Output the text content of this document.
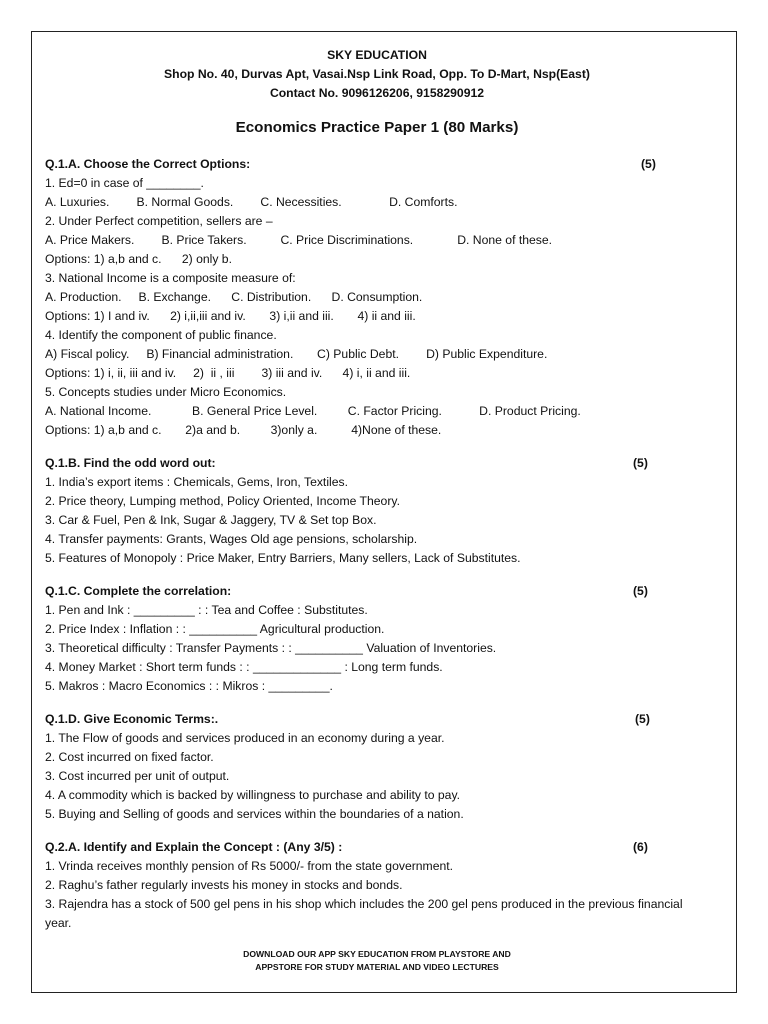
SKY EDUCATION
Shop No. 40, Durvas Apt, Vasai.Nsp Link Road, Opp. To D-Mart, Nsp(East)
Contact No. 9096126206, 9158290912
Economics Practice Paper 1 (80 Marks)
Q.1.A. Choose the Correct Options:	(5)
1. Ed=0 in case of ________.
A. Luxuries.        B. Normal Goods.        C. Necessities.              D. Comforts.
2. Under Perfect competition, sellers are –
A. Price Makers.        B. Price Takers.          C. Price Discriminations.             D. None of these.
Options: 1) a,b and c.      2) only b.
3. National Income is a composite measure of:
A. Production.     B. Exchange.      C. Distribution.      D. Consumption.
Options: 1) I and iv.      2) i,ii,iii and iv.       3) i,ii and iii.       4) ii and iii.
4. Identify the component of public finance.
A) Fiscal policy.     B) Financial administration.       C) Public Debt.        D) Public Expenditure.
Options: 1) i, ii, iii and iv.     2)  ii , iii        3) iii and iv.      4) i, ii and iii.
5. Concepts studies under Micro Economics.
A. National Income.            B. General Price Level.         C. Factor Pricing.           D. Product Pricing.
Options: 1) a,b and c.       2)a and b.         3)only a.          4)None of these.
Q.1.B. Find the odd word out:	(5)
1. India’s export items : Chemicals, Gems, Iron, Textiles.
2. Price theory, Lumping method, Policy Oriented, Income Theory.
3. Car & Fuel, Pen & Ink, Sugar & Jaggery, TV & Set top Box.
4. Transfer payments: Grants, Wages Old age pensions, scholarship.
5. Features of Monopoly : Price Maker, Entry Barriers, Many sellers, Lack of Substitutes.
Q.1.C. Complete the correlation:	(5)
1. Pen and Ink : _________ : : Tea and Coffee : Substitutes.
2. Price Index : Inflation : : __________ Agricultural production.
3. Theoretical difficulty : Transfer Payments : : __________ Valuation of Inventories.
4. Money Market : Short term funds : : _____________ : Long term funds.
5. Makros : Macro Economics : : Mikros : _________.
Q.1.D. Give Economic Terms:.	(5)
1. The Flow of goods and services produced in an economy during a year.
2. Cost incurred on fixed factor.
3. Cost incurred per unit of output.
4. A commodity which is backed by willingness to purchase and ability to pay.
5. Buying and Selling of goods and services within the boundaries of a nation.
Q.2.A. Identify and Explain the Concept : (Any 3/5) :	(6)
1. Vrinda receives monthly pension of Rs 5000/- from the state government.
2. Raghu’s father regularly invests his money in stocks and bonds.
3. Rajendra has a stock of 500 gel pens in his shop which includes the 200 gel pens produced in the previous financial year.
DOWNLOAD OUR APP SKY EDUCATION FROM PLAYSTORE AND
APPSTORE FOR STUDY MATERIAL AND VIDEO LECTURES
